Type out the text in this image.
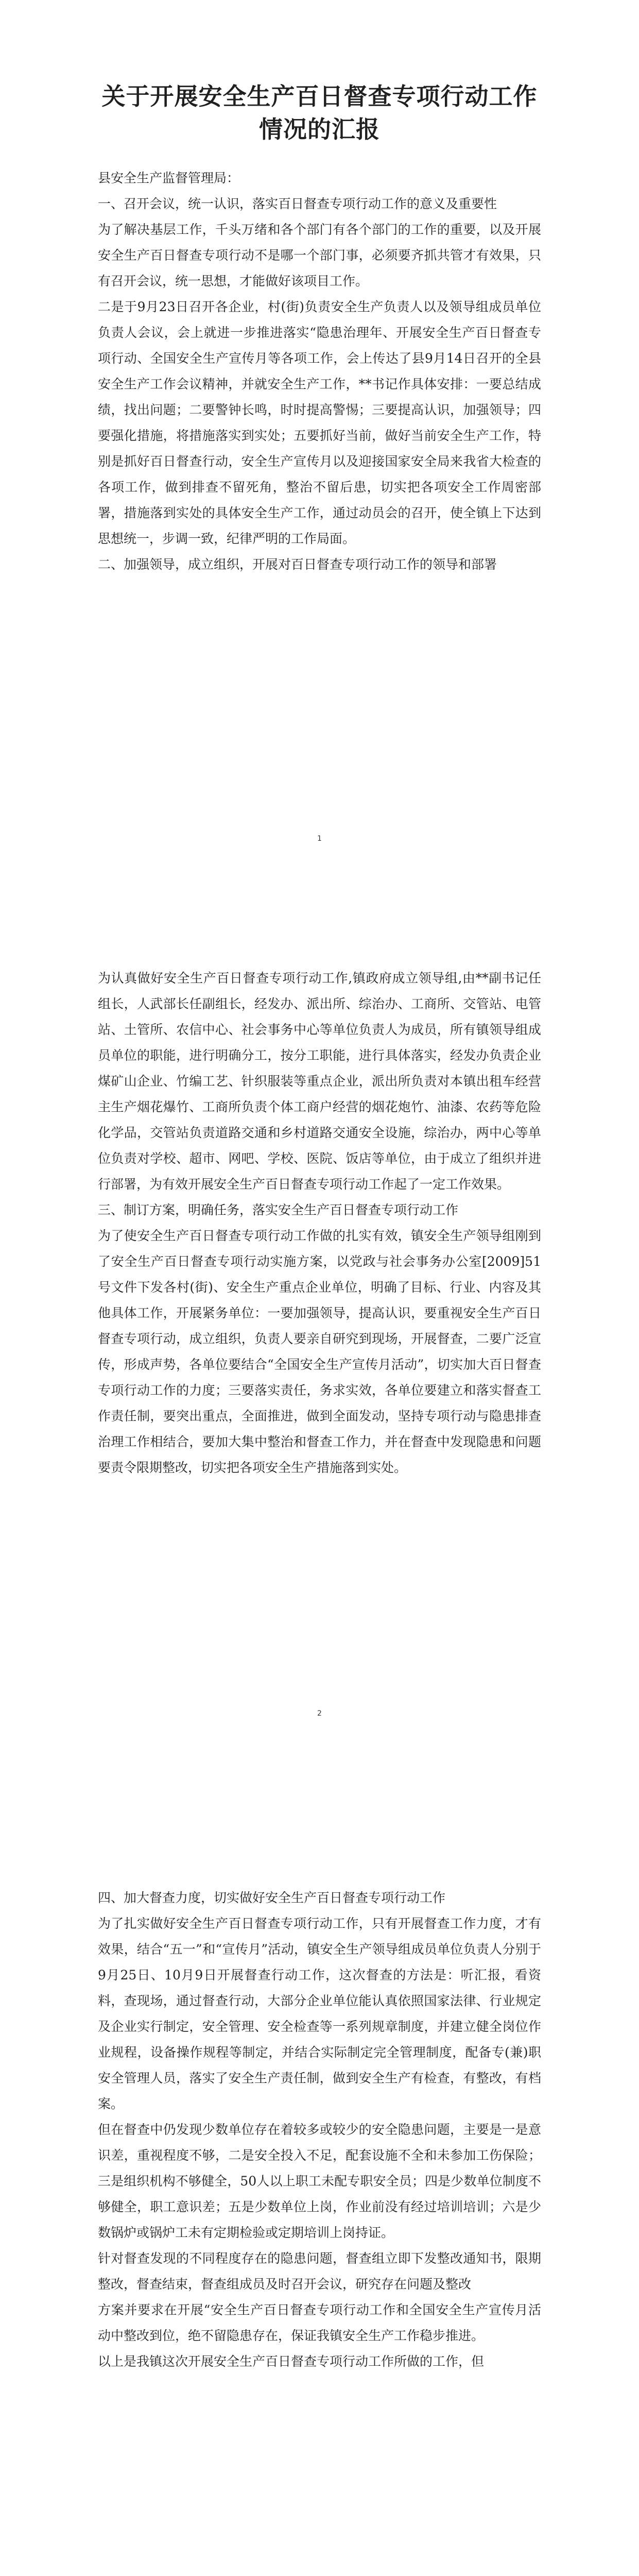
关于开展安全生产百日督查专项行动工作
情况的汇报

县安全生产监督管理局：

一、召开会议，统一认识，落实百日督查专项行动工作的意义及重要性

为了解决基层工作，千头万绪和各个部门有各个部门的工作的重要，以及开展安全生产百日督查专项行动不是哪一个部门事，必须要齐抓共管才有效果，只有召开会议，统一思想，才能做好该项目工作。

二是于9月23日召开各企业，村(街)负责安全生产负责人以及领导组成员单位负责人会议，会上就进一步推进落实“隐患治理年、开展安全生产百日督查专项行动、全国安全生产宣传月等各项工作，会上传达了县9月14日召开的全县安全生产工作会议精神，并就安全生产工作，**书记作具体安排：一要总结成绩，找出问题；二要警钟长鸣，时时提高警惕；三要提高认识，加强领导；四要强化措施，将措施落实到实处；五要抓好当前，做好当前安全生产工作，特别是抓好百日督查行动，安全生产宣传月以及迎接国家安全局来我省大检查的各项工作，做到排查不留死角，整治不留后患，切实把各项安全工作周密部署，措施落到实处的具体安全生产工作，通过动员会的召开，使全镇上下达到思想统一，步调一致，纪律严明的工作局面。

二、加强领导，成立组织，开展对百日督查专项行动工作的领导和部署

1

为认真做好安全生产百日督查专项行动工作,镇政府成立领导组,由**副书记任组长，人武部长任副组长，经发办、派出所、综治办、工商所、交管站、电管站、土管所、农信中心、社会事务中心等单位负责人为成员，所有镇领导组成员单位的职能，进行明确分工，按分工职能，进行具体落实，经发办负责企业煤矿山企业、竹编工艺、针织服装等重点企业，派出所负责对本镇出租车经营主生产烟花爆竹、工商所负责个体工商户经营的烟花炮竹、油漆、农药等危险化学品，交管站负责道路交通和乡村道路交通安全设施，综治办，两中心等单位负责对学校、超市、网吧、学校、医院、饭店等单位，由于成立了组织并进行部署，为有效开展安全生产百日督查专项行动工作起了一定工作效果。

三、制订方案，明确任务，落实安全生产百日督查专项行动工作

为了使安全生产百日督查专项行动工作做的扎实有效，镇安全生产领导组刚到了安全生产百日督查专项行动实施方案，以党政与社会事务办公室[2009]51号文件下发各村(街)、安全生产重点企业单位，明确了目标、行业、内容及其他具体工作，开展紧务单位：一要加强领导，提高认识，要重视安全生产百日督查专项行动，成立组织，负责人要亲自研究到现场，开展督查，二要广泛宣传，形成声势，各单位要结合“全国安全生产宣传月活动”，切实加大百日督查专项行动工作的力度；三要落实责任，务求实效，各单位要建立和落实督查工作责任制，要突出重点，全面推进，做到全面发动，坚持专项行动与隐患排查治理工作相结合，要加大集中整治和督查工作力，并在督查中发现隐患和问题要责令限期整改，切实把各项安全生产措施落到实处。

2

四、加大督查力度，切实做好安全生产百日督查专项行动工作

为了扎实做好安全生产百日督查专项行动工作，只有开展督查工作力度，才有效果，结合“五一”和“宣传月”活动，镇安全生产领导组成员单位负责人分别于9月25日、10月9日开展督查行动工作，这次督查的方法是：听汇报，看资料，查现场，通过督查行动，大部分企业单位能认真依照国家法律、行业规定及企业实行制定，安全管理、安全检查等一系列规章制度，并建立健全岗位作业规程，设备操作规程等制定，并结合实际制定完全管理制度，配备专(兼)职安全管理人员，落实了安全生产责任制，做到安全生产有检查，有整改，有档案。

但在督查中仍发现少数单位存在着较多或较少的安全隐患问题，主要是一是意识差，重视程度不够，二是安全投入不足，配套设施不全和未参加工伤保险；三是组织机构不够健全，50人以上职工未配专职安全员；四是少数单位制度不够健全，职工意识差；五是少数单位上岗，作业前没有经过培训培训；六是少数锅炉或锅炉工未有定期检验或定期培训上岗持证。

针对督查发现的不同程度存在的隐患问题，督查组立即下发整改通知书，限期整改，督查结束，督查组成员及时召开会议，研究存在问题及整改

方案并要求在开展“安全生产百日督查专项行动工作和全国安全生产宣传月活动中整改到位，绝不留隐患存在，保证我镇安全生产工作稳步推进。

以上是我镇这次开展安全生产百日督查专项行动工作所做的工作，但
